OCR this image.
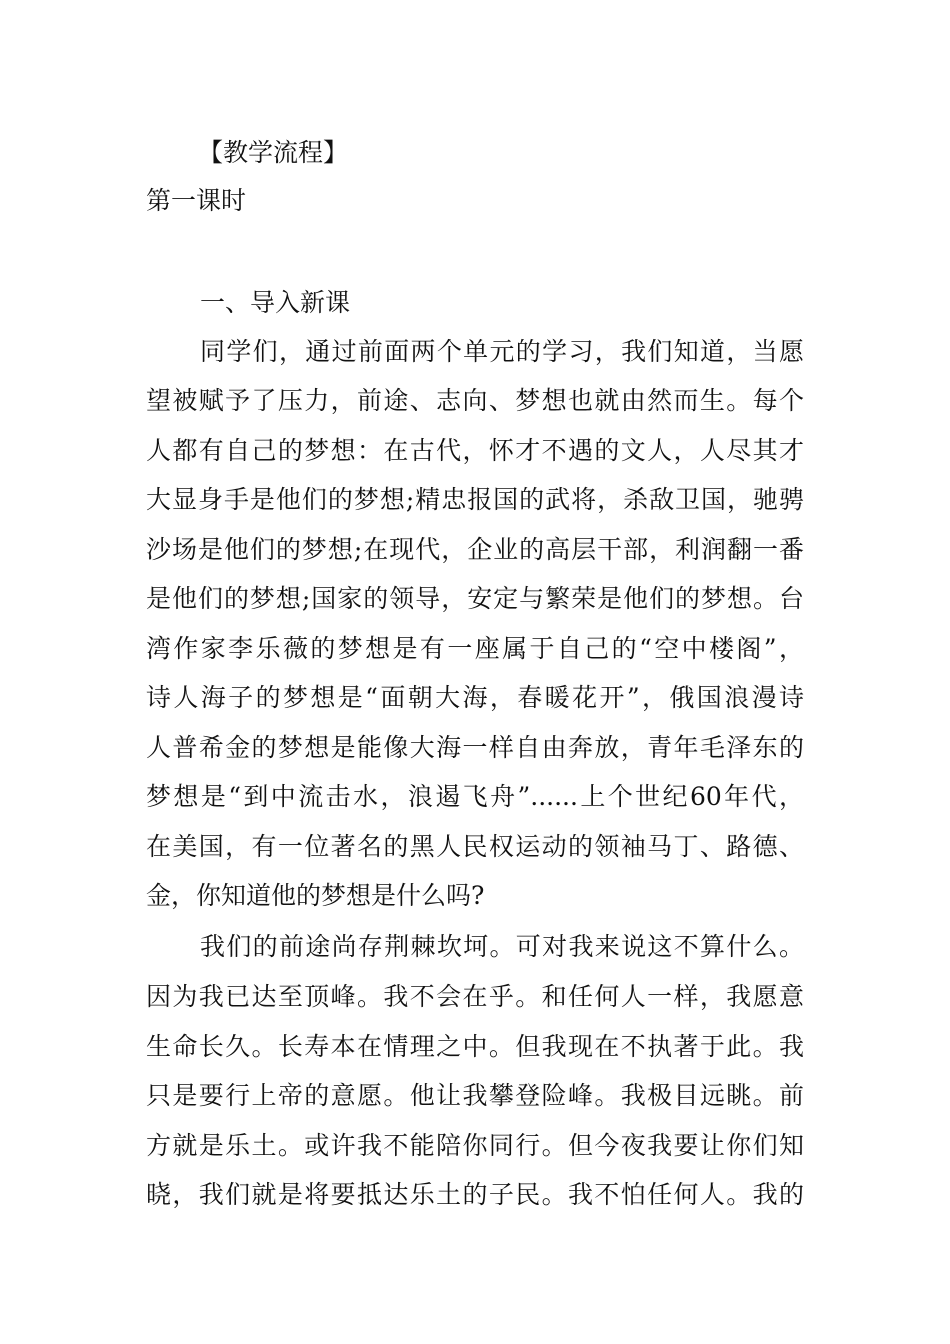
【教学流程】
第一课时
一、导入新课
同学们，通过前面两个单元的学习，我们知道，当愿
望被赋予了压力，前途、志向、梦想也就由然而生。每个
人都有自己的梦想：在古代，怀才不遇的文人，人尽其才
大显身手是他们的梦想;精忠报国的武将，杀敌卫国，驰骋
沙场是他们的梦想;在现代，企业的高层干部，利润翻一番
是他们的梦想;国家的领导，安定与繁荣是他们的梦想。台
湾作家李乐薇的梦想是有一座属于自己的“空中楼阁”，
诗人海子的梦想是“面朝大海，春暖花开”，俄国浪漫诗
人普希金的梦想是能像大海一样自由奔放，青年毛泽东的
梦想是“到中流击水，浪遏飞舟”......上个世纪60年代，
在美国，有一位著名的黑人民权运动的领袖马丁、路德、
金，你知道他的梦想是什么吗?
我们的前途尚存荆棘坎坷。可对我来说这不算什么。
因为我已达至顶峰。我不会在乎。和任何人一样，我愿意
生命长久。长寿本在情理之中。但我现在不执著于此。我
只是要行上帝的意愿。他让我攀登险峰。我极目远眺。前
方就是乐土。或许我不能陪你同行。但今夜我要让你们知
晓，我们就是将要抵达乐土的子民。我不怕任何人。我的
